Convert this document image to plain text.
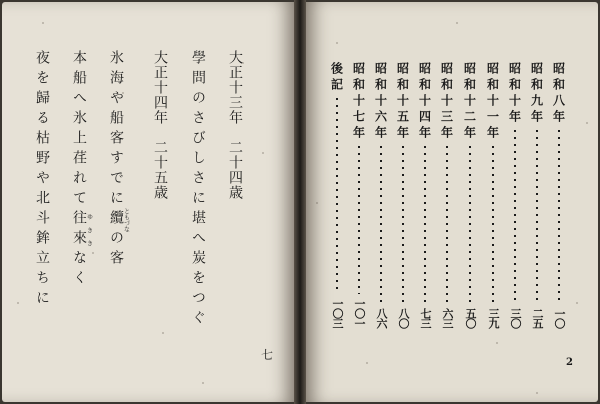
大正十三年　二十四歳
學問のさびしさに堪へ炭をつぐ
大正十四年　二十五歳
氷海や船客すでに纜ともづなの客
本船へ氷上荏れて往來ゆききなく
夜を歸る枯野や北斗鉾立ちに
七
昭和八年
一〇
昭和九年
二五
昭和十年
三〇
昭和十一年
三九
昭和十二年
五〇
昭和十三年
六三
昭和十四年
七三
昭和十五年
八〇
昭和十六年
八六
昭和十七年
一〇一
後記
一〇三
2
